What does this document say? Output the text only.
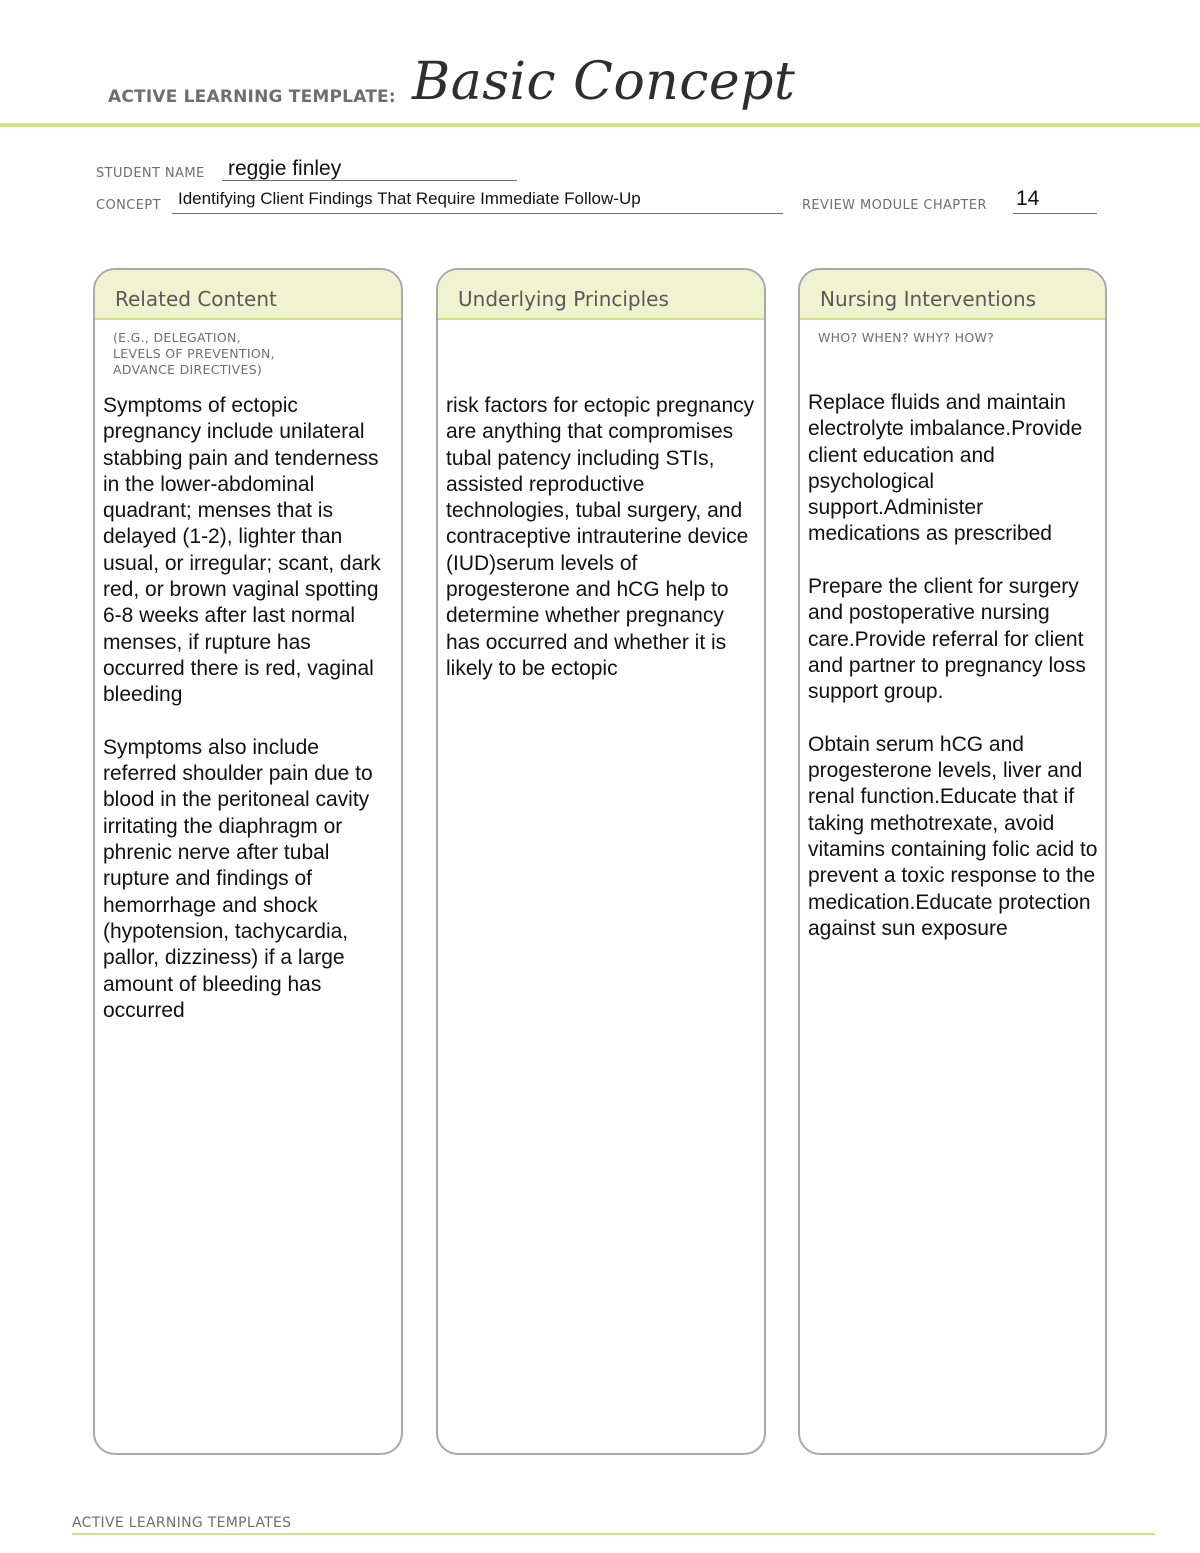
ACTIVE LEARNING TEMPLATE: Basic Concept
STUDENT NAME reggie finley
CONCEPT Identifying Client Findings That Require Immediate Follow-Up	REVIEW MODULE CHAPTER 14
Related Content
(E.G., DELEGATION,
LEVELS OF PREVENTION,
ADVANCE DIRECTIVES)

Symptoms of ectopic pregnancy include unilateral stabbing pain and tenderness in the lower-abdominal quadrant; menses that is delayed (1-2), lighter than usual, or irregular; scant, dark red, or brown vaginal spotting 6-8 weeks after last normal menses, if rupture has occurred there is red, vaginal bleeding

Symptoms also include referred shoulder pain due to blood in the peritoneal cavity irritating the diaphragm or phrenic nerve after tubal rupture and findings of hemorrhage and shock (hypotension, tachycardia, pallor, dizziness) if a large amount of bleeding has occurred

Underlying Principles

risk factors for ectopic pregnancy are anything that compromises tubal patency including STIs, assisted reproductive technologies, tubal surgery, and contraceptive intrauterine device (IUD)serum levels of progesterone and hCG help to determine whether pregnancy has occurred and whether it is likely to be ectopic

Nursing Interventions
WHO? WHEN? WHY? HOW?

Replace fluids and maintain electrolyte imbalance.Provide client education and psychological support.Administer medications as prescribed

Prepare the client for surgery and postoperative nursing care.Provide referral for client and partner to pregnancy loss support group.

Obtain serum hCG and progesterone levels, liver and renal function.Educate that if taking methotrexate, avoid vitamins containing folic acid to prevent a toxic response to the medication.Educate protection against sun exposure

ACTIVE LEARNING TEMPLATES
